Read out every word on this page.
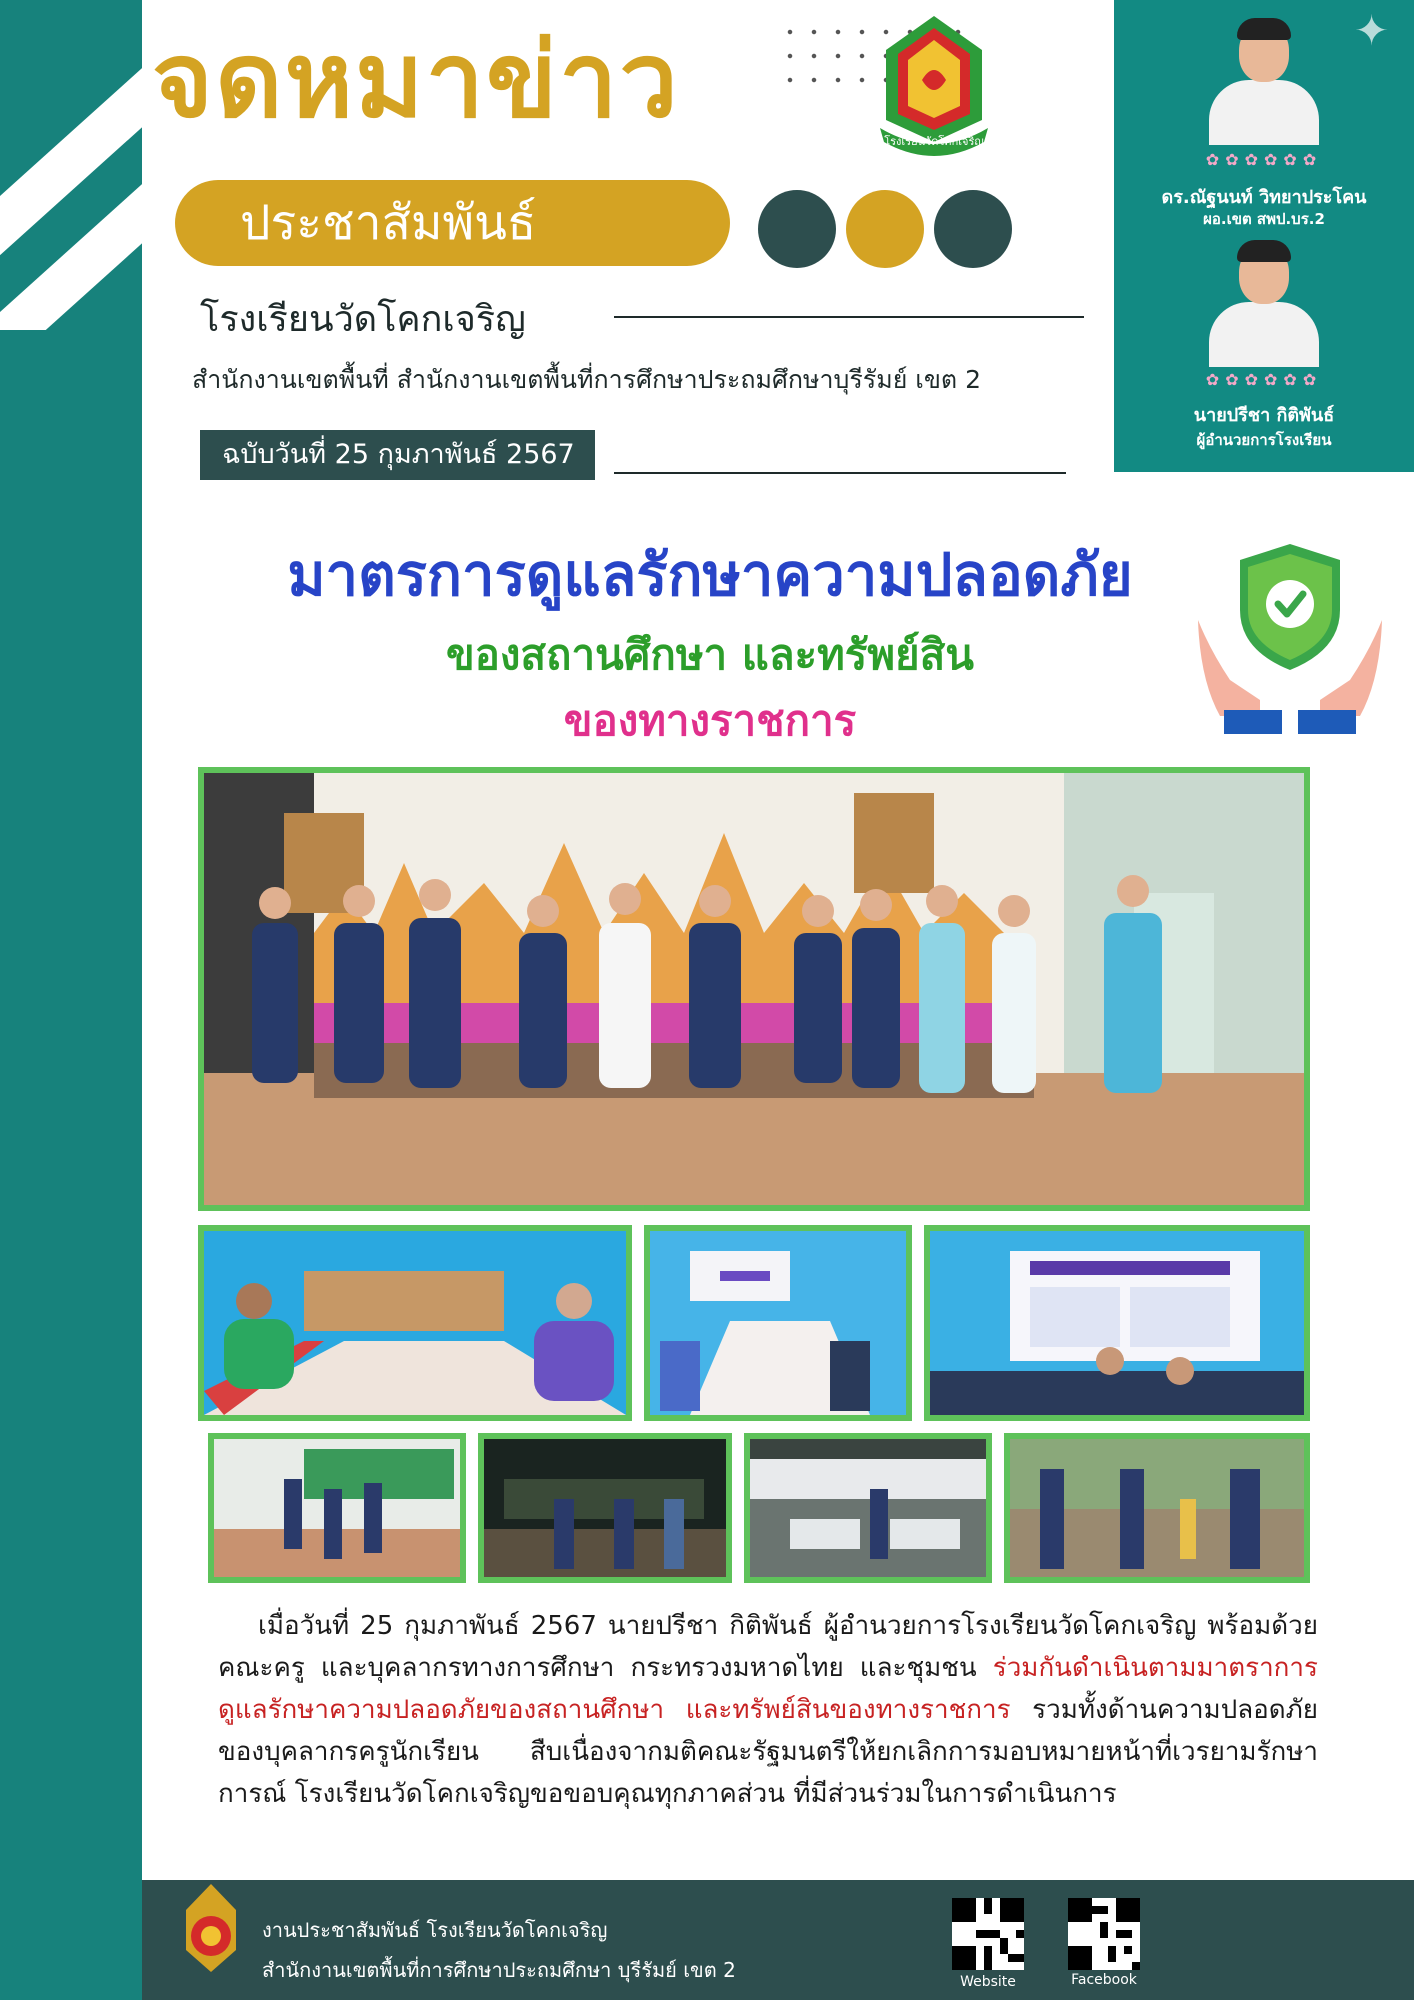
จดหมาข่าว
โรงเรียนวัดโคกเจริญ
ประชาสัมพันธ์
โรงเรียนวัดโคกเจริญ
สำนักงานเขตพื้นที่ สำนักงานเขตพื้นที่การศึกษาประถมศึกษาบุรีรัมย์ เขต 2
ฉบับวันที่ 25 กุมภาพันธ์ 2567
✦
✿✿✿✿✿✿
ดร.ณัฐนนท์ วิทยาประโคน
ผอ.เขต สพป.บร.2
✿✿✿✿✿✿
นายปรีชา กิติพันธ์
ผู้อำนวยการโรงเรียน
มาตรการดูแลรักษาความปลอดภัย
ของสถานศึกษา และทรัพย์สิน
ของทางราชการ
เมื่อวันที่ 25 กุมภาพันธ์ 2567 นายปรีชา กิติพันธ์ ผู้อำนวยการโรงเรียนวัดโคกเจริญ พร้อมด้วยคณะครู และบุคลากรทางการศึกษา กระทรวงมหาดไทย และชุมชน ร่วมกันดำเนินตามมาตราการดูแลรักษาความปลอดภัยของสถานศึกษา และทรัพย์สินของทางราชการ รวมทั้งด้านความปลอดภัยของบุคลากรครูนักเรียน สืบเนื่องจากมติคณะรัฐมนตรีให้ยกเลิกการมอบหมายหน้าที่เวรยามรักษาการณ์ โรงเรียนวัดโคกเจริญขอขอบคุณทุกภาคส่วน ที่มีส่วนร่วมในการดำเนินการ
งานประชาสัมพันธ์ โรงเรียนวัดโคกเจริญ
สำนักงานเขตพื้นที่การศึกษาประถมศึกษา บุรีรัมย์ เขต 2	Website	Facebook
